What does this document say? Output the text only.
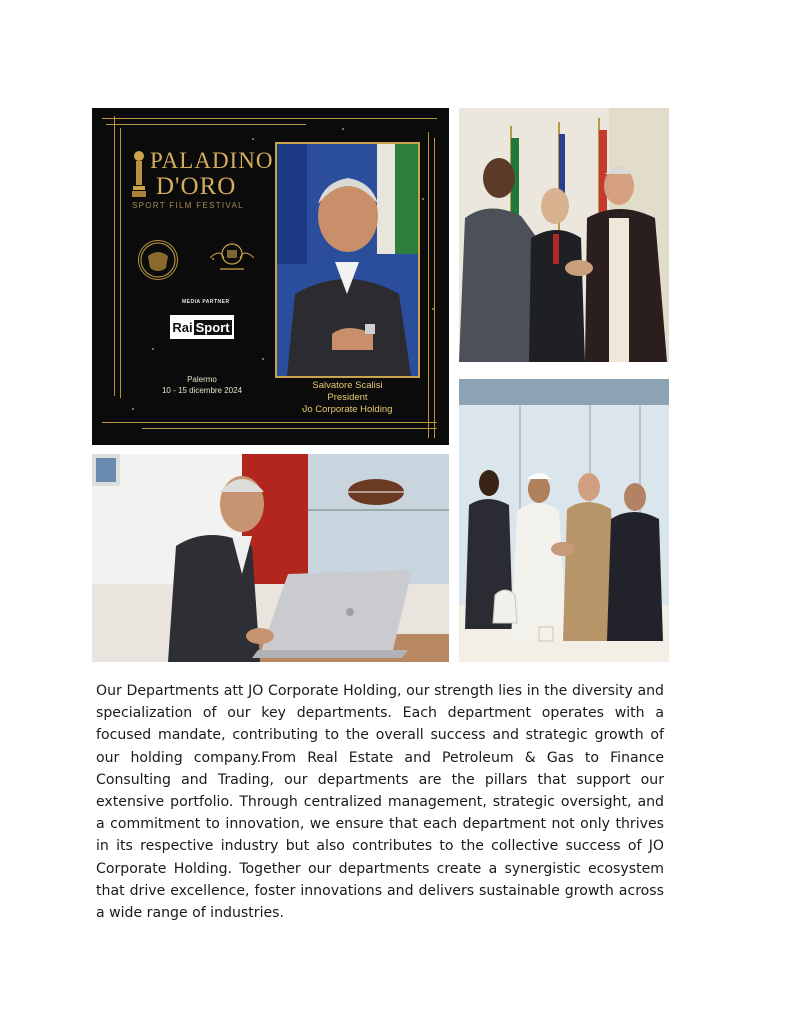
PALADINO
D'ORO
SPORT FILM FESTIVAL
MEDIA PARTNER
Rai Sport
Palermo
10 - 15 dicembre 2024	Salvatore Scalisi
President
Jo Corporate Holding

Our Departments att JO Corporate Holding, our strength lies in the diversity and specialization of our key departments. Each department operates with a focused mandate, contributing to the overall success and strategic growth of our holding company.From Real Estate and Petroleum & Gas to Finance Consulting and Trading, our departments are the pillars that support our extensive portfolio. Through centralized management, strategic oversight, and a commitment to innovation, we ensure that each department not only thrives in its respective industry but also contributes to the collective success of JO Corporate Holding. Together our departments create a synergistic ecosystem that drive excellence, foster innovations and delivers sustainable growth across a wide range of industries.
